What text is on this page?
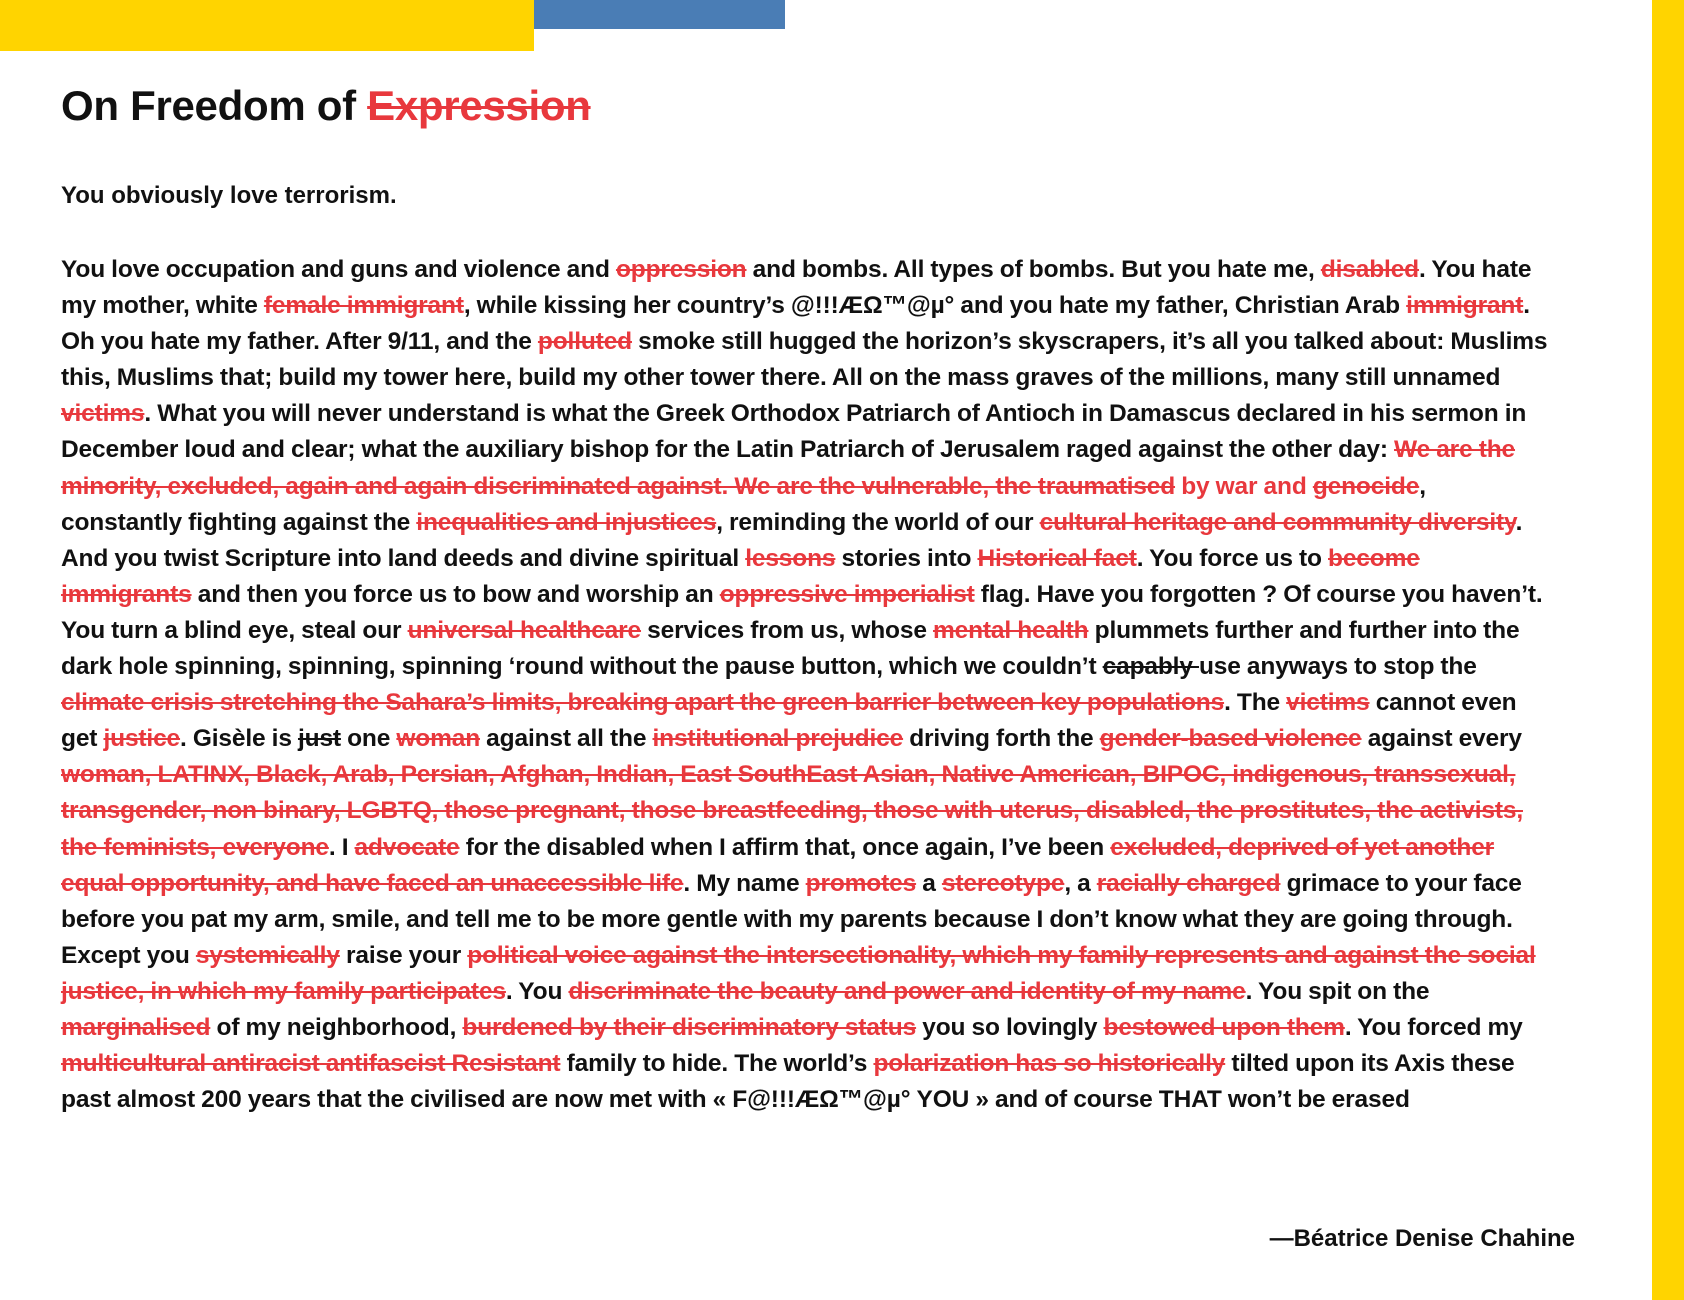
On Freedom of Expression

You obviously love terrorism.

You love occupation and guns and violence and oppression and bombs. All types of bombs. But you hate me, disabled. You hate my mother, white female immigrant, while kissing her country’s @!!!ÆΩ™@µ° and you hate my father, Christian Arab immigrant. Oh you hate my father. After 9/11, and the polluted smoke still hugged the horizon’s skyscrapers, it’s all you talked about: Muslims this, Muslims that; build my tower here, build my other tower there. All on the mass graves of the millions, many still unnamed victims. What you will never understand is what the Greek Orthodox Patriarch of Antioch in Damascus declared in his sermon in December loud and clear; what the auxiliary bishop for the Latin Patriarch of Jerusalem raged against the other day: We are the minority, excluded, again and again discriminated against. We are the vulnerable, the traumatised by war and genocide, constantly fighting against the inequalities and injustices, reminding the world of our cultural heritage and community diversity. And you twist Scripture into land deeds and divine spiritual lessons stories into Historical fact. You force us to become immigrants and then you force us to bow and worship an oppressive imperialist flag. Have you forgotten ? Of course you haven’t. You turn a blind eye, steal our universal healthcare services from us, whose mental health plummets further and further into the dark hole spinning, spinning, spinning ‘round without the pause button, which we couldn’t capably use anyways to stop the climate crisis stretching the Sahara’s limits, breaking apart the green barrier between key populations. The victims cannot even get justice. Gisèle is just one woman against all the institutional prejudice driving forth the gender-based violence against every woman, LATINX, Black, Arab, Persian, Afghan, Indian, East SouthEast Asian, Native American, BIPOC, indigenous, transsexual, transgender, non binary, LGBTQ, those pregnant, those breastfeeding, those with uterus, disabled, the prostitutes, the activists, the feminists, everyone. I advocate for the disabled when I affirm that, once again, I’ve been excluded, deprived of yet another equal opportunity, and have faced an unaccessible life. My name promotes a stereotype, a racially charged grimace to your face before you pat my arm, smile, and tell me to be more gentle with my parents because I don’t know what they are going through. Except you systemically raise your political voice against the intersectionality, which my family represents and against the social justice, in which my family participates. You discriminate the beauty and power and identity of my name. You spit on the marginalised of my neighborhood, burdened by their discriminatory status you so lovingly bestowed upon them. You forced my multicultural antiracist antifascist Resistant family to hide. The world’s polarization has so historically tilted upon its Axis these past almost 200 years that the civilised are now met with « F@!!!ÆΩ™@µ° YOU » and of course THAT won’t be erased

—Béatrice Denise Chahine
